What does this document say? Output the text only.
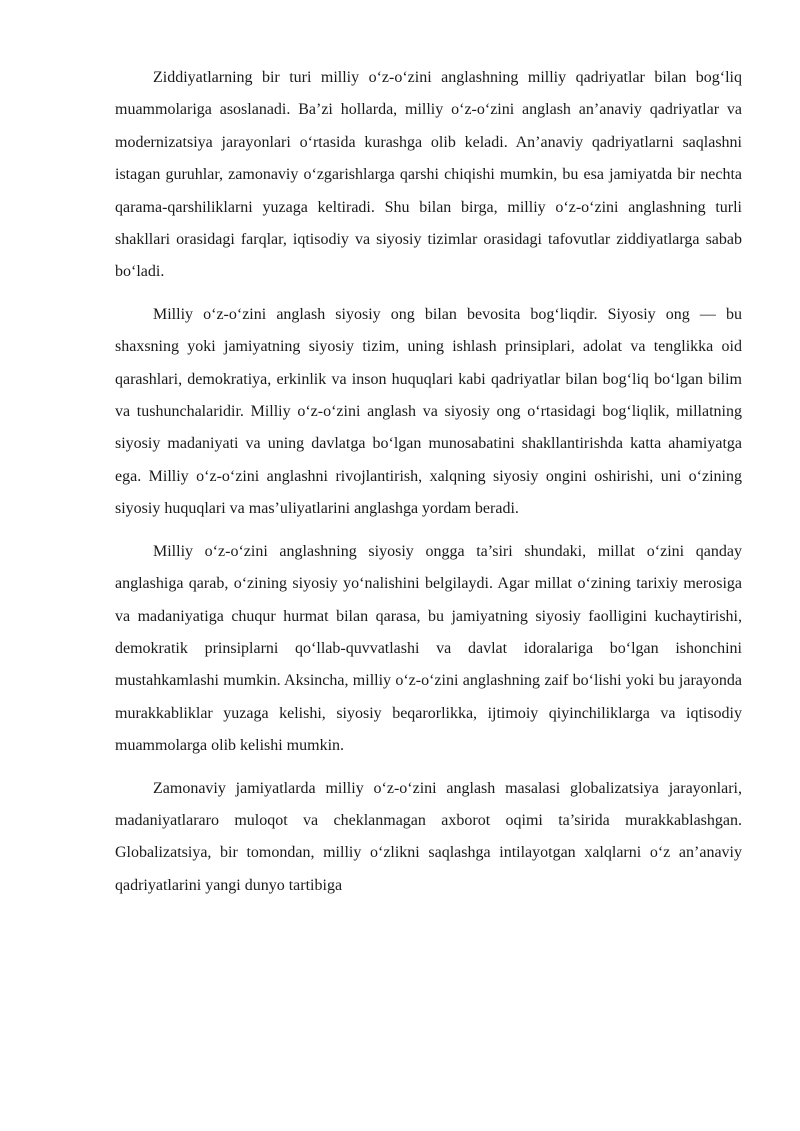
Ziddiyatlarning bir turi milliy o‘z-o‘zini anglashning milliy qadriyatlar bilan bog‘liq muammolariga asoslanadi. Ba’zi hollarda, milliy o‘z-o‘zini anglash an’anaviy qadriyatlar va modernizatsiya jarayonlari o‘rtasida kurashga olib keladi. An’anaviy qadriyatlarni saqlashni istagan guruhlar, zamonaviy o‘zgarishlarga qarshi chiqishi mumkin, bu esa jamiyatda bir nechta qarama-qarshiliklarni yuzaga keltiradi. Shu bilan birga, milliy o‘z-o‘zini anglashning turli shakllari orasidagi farqlar, iqtisodiy va siyosiy tizimlar orasidagi tafovutlar ziddiyatlarga sabab bo‘ladi.

Milliy o‘z-o‘zini anglash siyosiy ong bilan bevosita bog‘liqdir. Siyosiy ong — bu shaxsning yoki jamiyatning siyosiy tizim, uning ishlash prinsiplari, adolat va tenglikka oid qarashlari, demokratiya, erkinlik va inson huquqlari kabi qadriyatlar bilan bog‘liq bo‘lgan bilim va tushunchalaridir. Milliy o‘z-o‘zini anglash va siyosiy ong o‘rtasidagi bog‘liqlik, millatning siyosiy madaniyati va uning davlatga bo‘lgan munosabatini shakllantirishda katta ahamiyatga ega. Milliy o‘z-o‘zini anglashni rivojlantirish, xalqning siyosiy ongini oshirishi, uni o‘zining siyosiy huquqlari va mas’uliyatlarini anglashga yordam beradi.

Milliy o‘z-o‘zini anglashning siyosiy ongga ta’siri shundaki, millat o‘zini qanday anglashiga qarab, o‘zining siyosiy yo‘nalishini belgilaydi. Agar millat o‘zining tarixiy merosiga va madaniyatiga chuqur hurmat bilan qarasa, bu jamiyatning siyosiy faolligini kuchaytirishi, demokratik prinsiplarni qo‘llab-quvvatlashi va davlat idoralariga bo‘lgan ishonchini mustahkamlashi mumkin. Aksincha, milliy o‘z-o‘zini anglashning zaif bo‘lishi yoki bu jarayonda murakkabliklar yuzaga kelishi, siyosiy beqarorlikka, ijtimoiy qiyinchiliklarga va iqtisodiy muammolarga olib kelishi mumkin.

Zamonaviy jamiyatlarda milliy o‘z-o‘zini anglash masalasi globalizatsiya jarayonlari, madaniyatlararo muloqot va cheklanmagan axborot oqimi ta’sirida murakkablashgan. Globalizatsiya, bir tomondan, milliy o‘zlikni saqlashga intilayotgan xalqlarni o‘z an’anaviy qadriyatlarini yangi dunyo tartibiga
